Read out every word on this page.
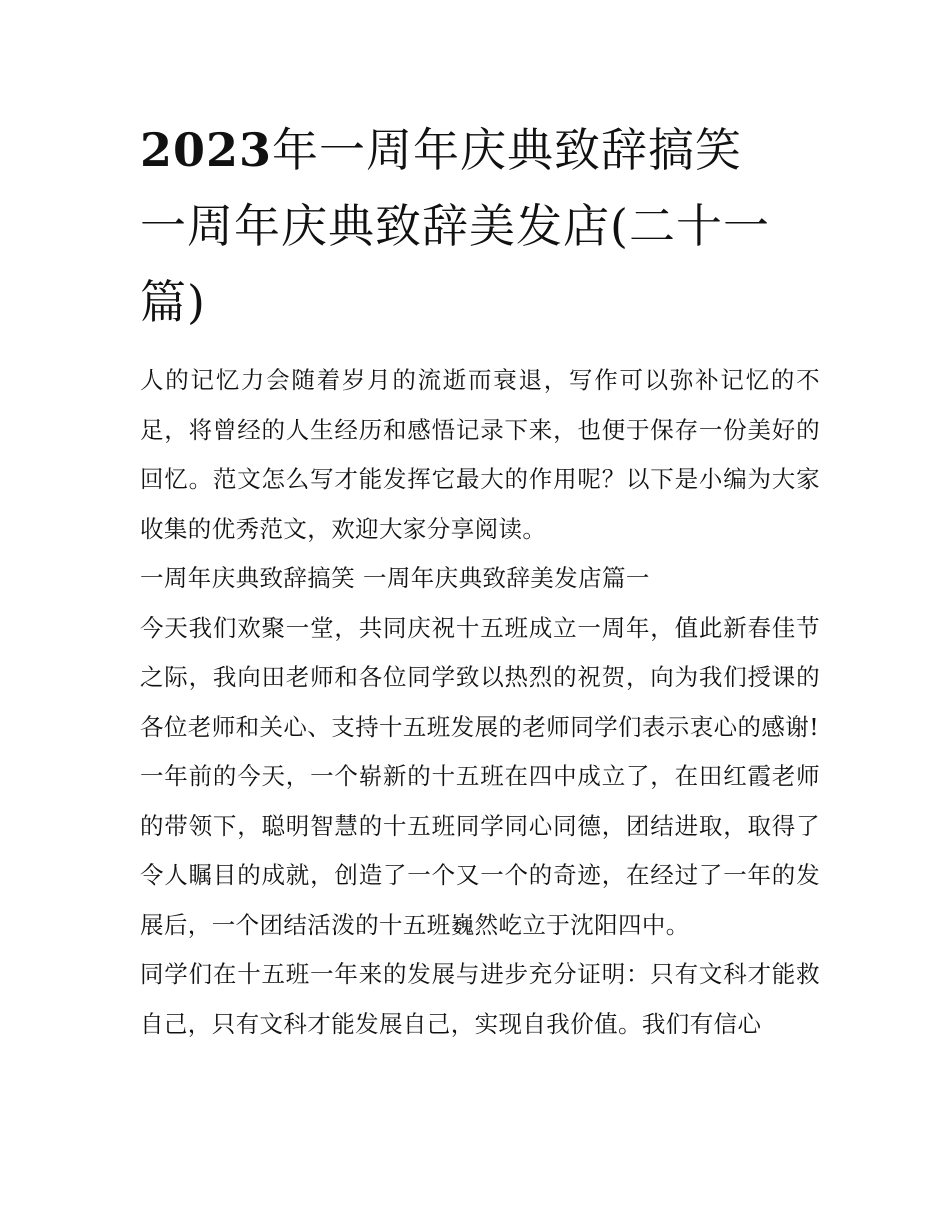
2023年一周年庆典致辞搞笑
一周年庆典致辞美发店(二十一
篇)

人的记忆力会随着岁月的流逝而衰退，写作可以弥补记忆的不足，将曾经的人生经历和感悟记录下来，也便于保存一份美好的回忆。范文怎么写才能发挥它最大的作用呢？以下是小编为大家收集的优秀范文，欢迎大家分享阅读。

一周年庆典致辞搞笑 一周年庆典致辞美发店篇一

今天我们欢聚一堂，共同庆祝十五班成立一周年，值此新春佳节之际，我向田老师和各位同学致以热烈的祝贺，向为我们授课的各位老师和关心、支持十五班发展的老师同学们表示衷心的感谢!

一年前的今天，一个崭新的十五班在四中成立了，在田红霞老师的带领下，聪明智慧的十五班同学同心同德，团结进取，取得了令人瞩目的成就，创造了一个又一个的奇迹，在经过了一年的发展后，一个团结活泼的十五班巍然屹立于沈阳四中。

同学们在十五班一年来的发展与进步充分证明：只有文科才能救自己，只有文科才能发展自己，实现自我价值。我们有信心
